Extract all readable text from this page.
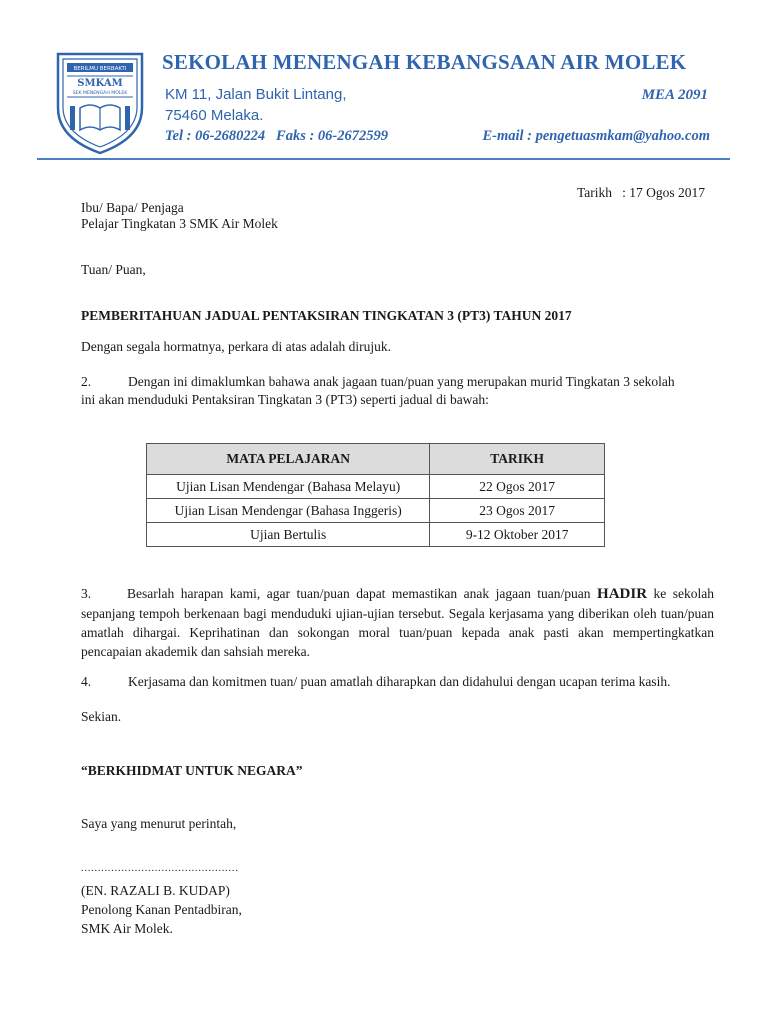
BERILMU BERBAKTI
SMKAM
SEK MENENGAH MOLEK
SEKOLAH MENENGAH KEBANGSAAN AIR MOLEK
KM 11, Jalan Bukit Lintang,
75460 Melaka.
MEA 2091
Tel : 06-2680224   Faks : 06-2672599	E-mail : pengetuasmkam@yahoo.com
Tarikh   : 17 Ogos 2017
Ibu/ Bapa/ Penjaga
Pelajar Tingkatan 3 SMK Air Molek
Tuan/ Puan,
PEMBERITAHUAN JADUAL PENTAKSIRAN TINGKATAN 3 (PT3) TAHUN 2017
Dengan segala hormatnya, perkara di atas adalah dirujuk.
2.	Dengan ini dimaklumkan bahawa anak jagaan tuan/puan yang merupakan murid Tingkatan 3 sekolah
ini akan menduduki Pentaksiran Tingkatan 3 (PT3) seperti jadual di bawah:
MATA PELAJARAN	TARIKH
Ujian Lisan Mendengar (Bahasa Melayu)	22 Ogos 2017
Ujian Lisan Mendengar (Bahasa Inggeris)	23 Ogos 2017
Ujian Bertulis	9-12 Oktober 2017
3.	Besarlah harapan kami, agar tuan/puan dapat memastikan anak jagaan tuan/puan HADIR ke sekolah sepanjang tempoh berkenaan bagi menduduki ujian-ujian tersebut. Segala kerjasama yang diberikan oleh tuan/puan amatlah dihargai. Keprihatinan dan sokongan moral tuan/puan kepada anak pasti akan mempertingkatkan pencapaian akademik dan sahsiah mereka.
4.	Kerjasama dan komitmen tuan/ puan amatlah diharapkan dan didahului dengan ucapan terima kasih.
Sekian.
“BERKHIDMAT UNTUK NEGARA”
Saya yang menurut perintah,
...............................................
(EN. RAZALI B. KUDAP)
Penolong Kanan Pentadbiran,
SMK Air Molek.
